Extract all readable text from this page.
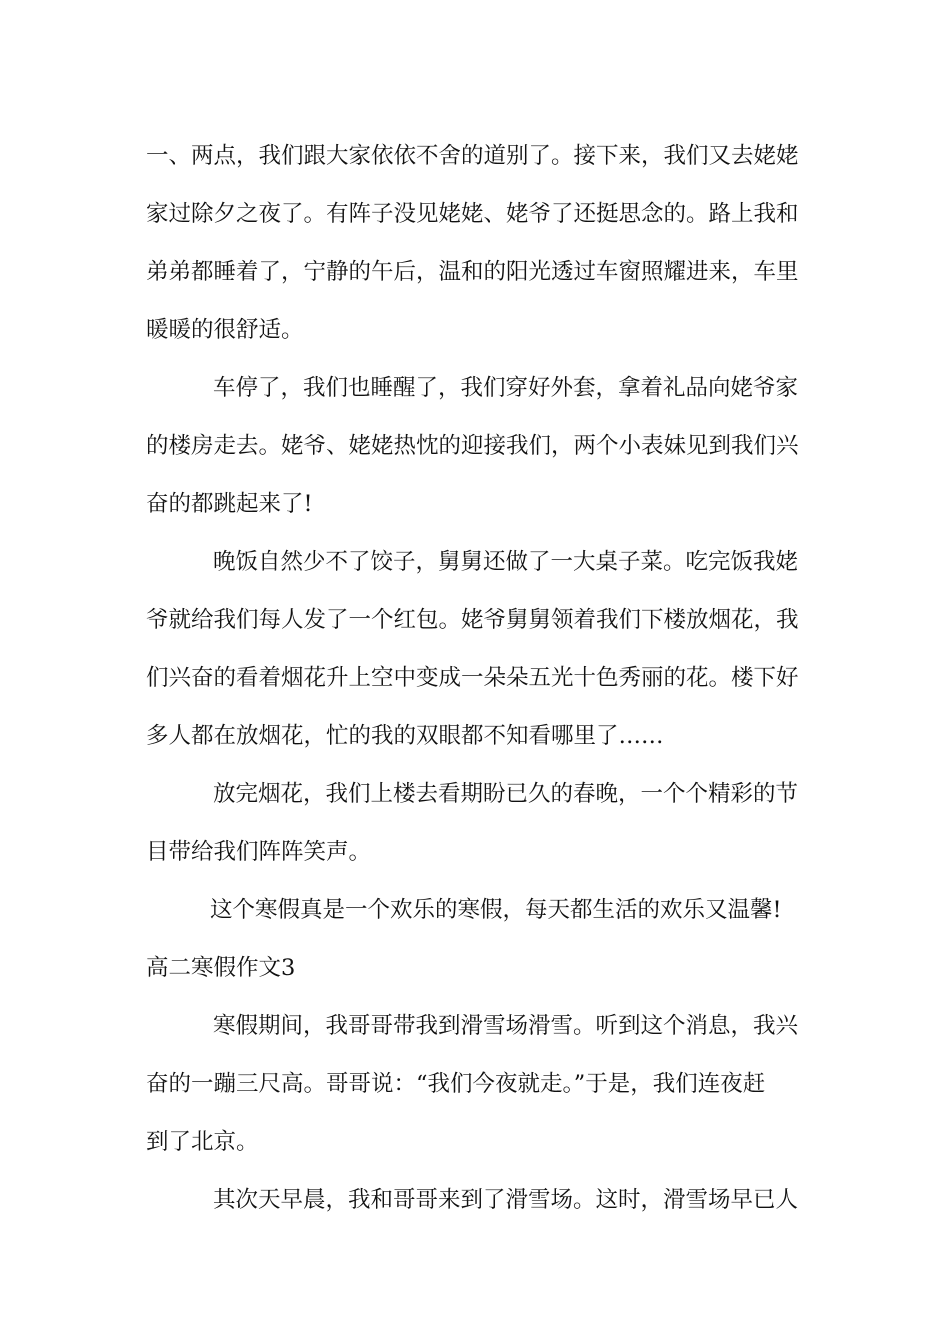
一、两点，我们跟大家依依不舍的道别了。接下来，我们又去姥姥
家过除夕之夜了。有阵子没见姥姥、姥爷了还挺思念的。路上我和
弟弟都睡着了，宁静的午后，温和的阳光透过车窗照耀进来，车里
暖暖的很舒适。
车停了，我们也睡醒了，我们穿好外套，拿着礼品向姥爷家
的楼房走去。姥爷、姥姥热忱的迎接我们，两个小表妹见到我们兴
奋的都跳起来了!
晚饭自然少不了饺子，舅舅还做了一大桌子菜。吃完饭我姥
爷就给我们每人发了一个红包。姥爷舅舅领着我们下楼放烟花，我
们兴奋的看着烟花升上空中变成一朵朵五光十色秀丽的花。楼下好
多人都在放烟花，忙的我的双眼都不知看哪里了……
放完烟花，我们上楼去看期盼已久的春晚，一个个精彩的节
目带给我们阵阵笑声。
这个寒假真是一个欢乐的寒假，每天都生活的欢乐又温馨!
高二寒假作文3
寒假期间，我哥哥带我到滑雪场滑雪。听到这个消息，我兴
奋的一蹦三尺高。哥哥说：“我们今夜就走。”于是，我们连夜赶
到了北京。
其次天早晨，我和哥哥来到了滑雪场。这时，滑雪场早已人
